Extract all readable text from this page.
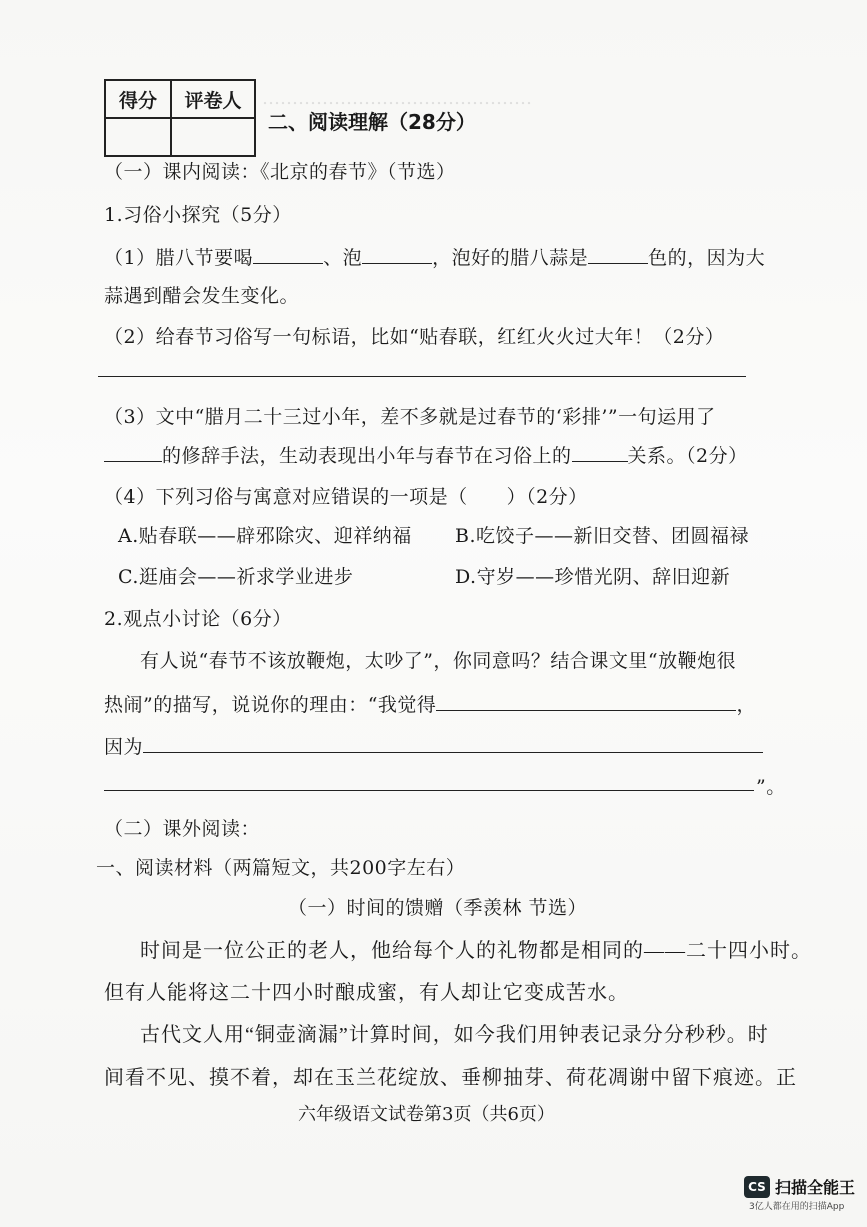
………………………………………
得分	评卷人

二、阅读理解（28分）
（一）课内阅读：《北京的春节》（节选）
1.习俗小探究（5分）
（1）腊八节要喝	、泡	，泡好的腊八蒜是	色的，因为大
蒜遇到醋会发生变化。
（2）给春节习俗写一句标语，比如“贴春联，红红火火过大年！（2分）
（3）文中“腊月二十三过小年，差不多就是过春节的‘彩排’”一句运用了
的修辞手法，生动表现出小年与春节在习俗上的	关系。（2分）
（4）下列习俗与寓意对应错误的一项是（　　）（2分）
A.贴春联——辟邪除灾、迎祥纳福 B.吃饺子——新旧交替、团圆福禄
C.逛庙会——祈求学业进步	D.守岁——珍惜光阴、辞旧迎新
2.观点小讨论（6分）
有人说“春节不该放鞭炮，太吵了”，你同意吗？结合课文里“放鞭炮很
热闹”的描写，说说你的理由：“我觉得	，
因为
”。
（二）课外阅读：
一、阅读材料（两篇短文，共200字左右）
（一）时间的馈赠（季羡林 节选）
时间是一位公正的老人，他给每个人的礼物都是相同的——二十四小时。
但有人能将这二十四小时酿成蜜，有人却让它变成苦水。
古代文人用“铜壶滴漏”计算时间，如今我们用钟表记录分分秒秒。时
间看不见、摸不着，却在玉兰花绽放、垂柳抽芽、荷花凋谢中留下痕迹。正
六年级语文试卷第3页（共6页）
CS 扫描全能王
3亿人都在用的扫描App
